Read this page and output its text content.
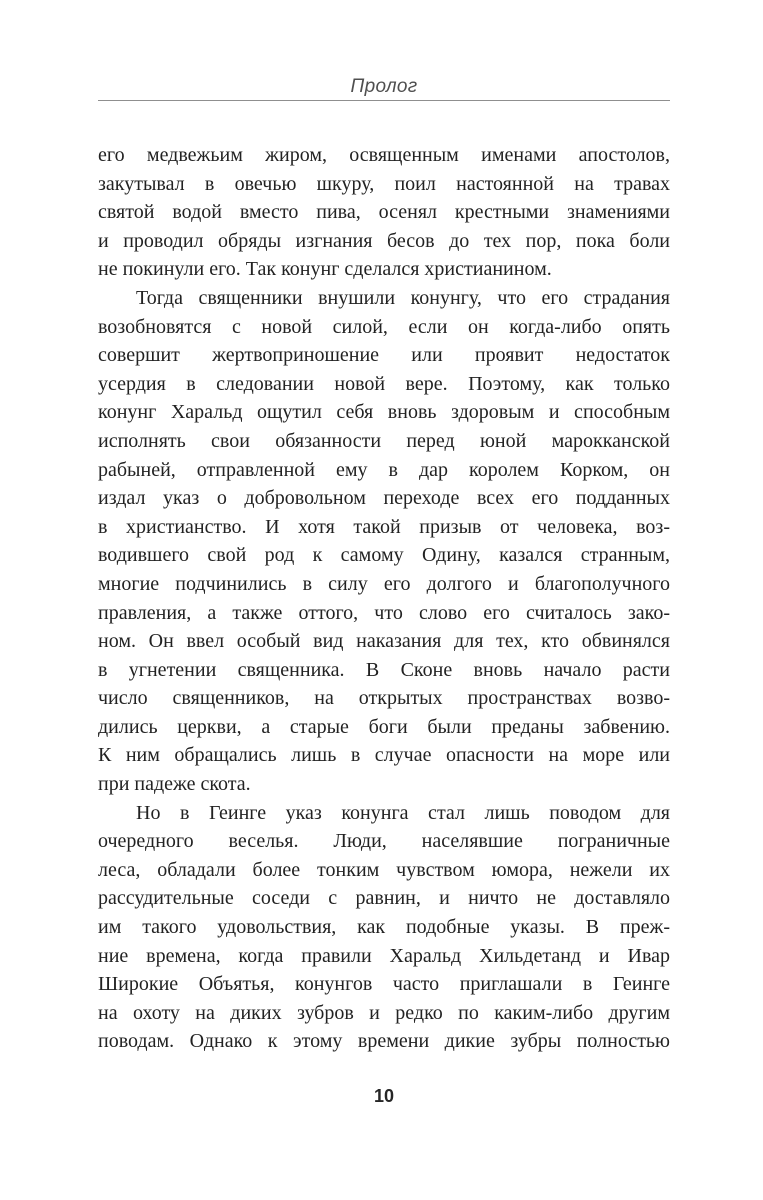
Пролог
его медвежьим жиром, освященным именами апостолов,
закутывал в овечью шкуру, поил настоянной на травах
святой водой вместо пива, осенял крестными знамениями
и проводил обряды изгнания бесов до тех пор, пока боли
не покинули его. Так конунг сделался христианином.
Тогда священники внушили конунгу, что его страдания
возобновятся с новой силой, если он когда-либо опять
совершит жертвоприношение или проявит недостаток
усердия в следовании новой вере. Поэтому, как только
конунг Харальд ощутил себя вновь здоровым и способным
исполнять свои обязанности перед юной марокканской
рабыней, отправленной ему в дар королем Корком, он
издал указ о добровольном переходе всех его подданных
в христианство. И хотя такой призыв от человека, воз-
водившего свой род к самому Одину, казался странным,
многие подчинились в силу его долгого и благополучного
правления, а также оттого, что слово его считалось зако-
ном. Он ввел особый вид наказания для тех, кто обвинялся
в угнетении священника. В Сконе вновь начало расти
число священников, на открытых пространствах возво-
дились церкви, а старые боги были преданы забвению.
К ним обращались лишь в случае опасности на море или
при падеже скота.
Но в Геинге указ конунга стал лишь поводом для
очередного веселья. Люди, населявшие пограничные
леса, обладали более тонким чувством юмора, нежели их
рассудительные соседи с равнин, и ничто не доставляло
им такого удовольствия, как подобные указы. В преж-
ние времена, когда правили Харальд Хильдетанд и Ивар
Широкие Объятья, конунгов часто приглашали в Геинге
на охоту на диких зубров и редко по каким-либо другим
поводам. Однако к этому времени дикие зубры полностью
10
